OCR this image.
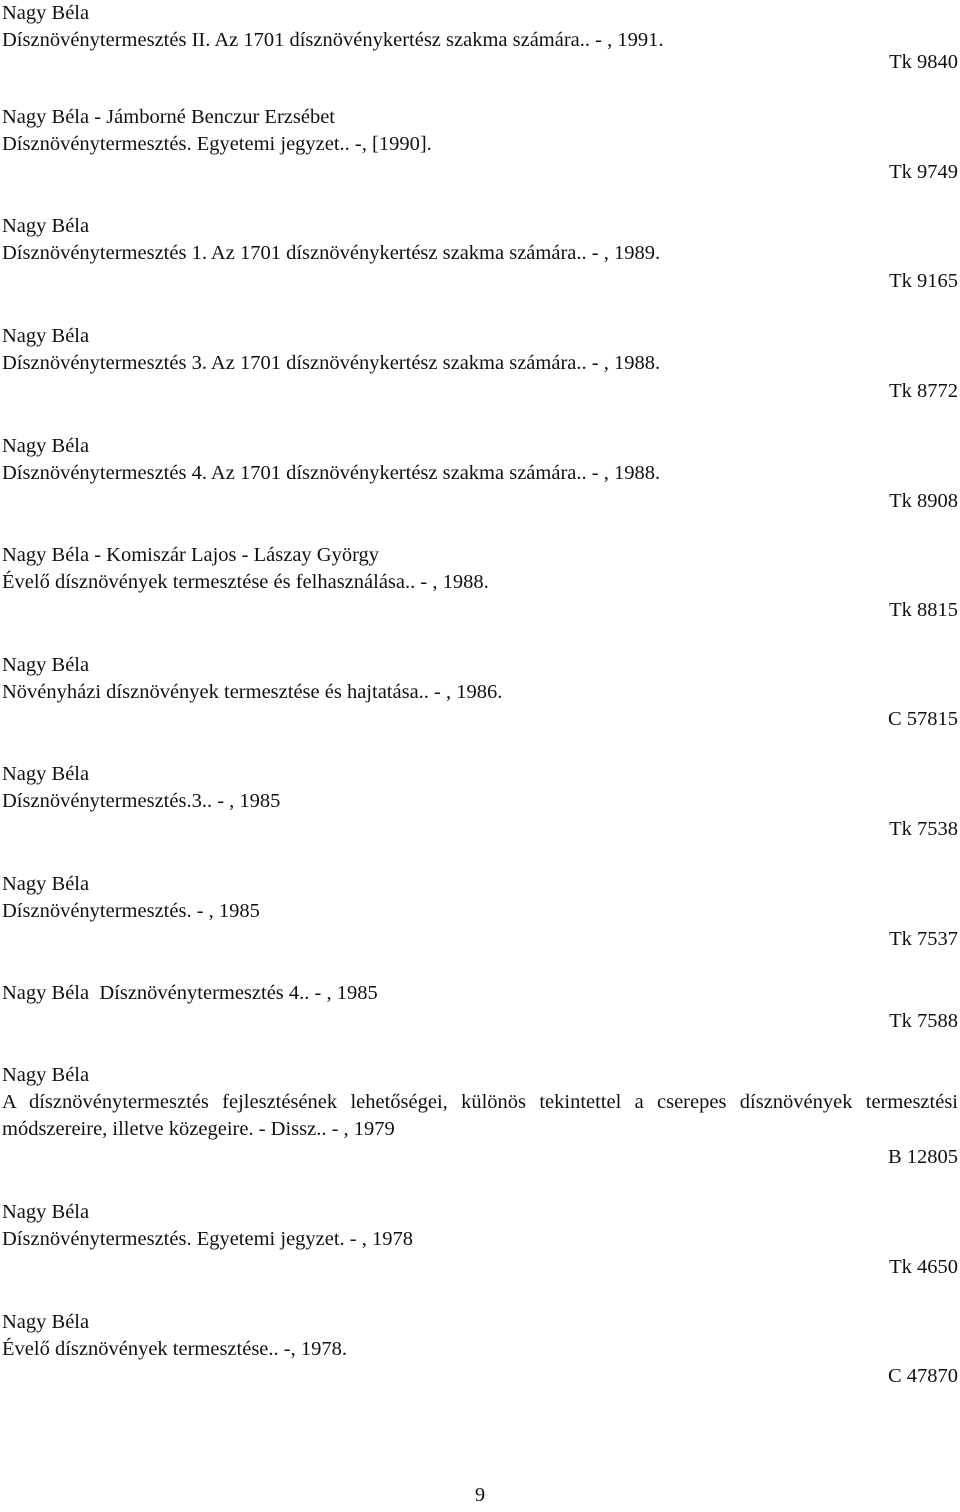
Nagy Béla
Dísznövénytermesztés II. Az 1701 dísznövénykertész szakma számára.. - , 1991.
Tk 9840
Nagy Béla - Jámborné Benczur Erzsébet
Dísznövénytermesztés. Egyetemi jegyzet.. -, [1990].
Tk 9749
Nagy Béla
Dísznövénytermesztés 1. Az 1701 dísznövénykertész szakma számára.. - , 1989.
Tk 9165
Nagy Béla
Dísznövénytermesztés 3. Az 1701 dísznövénykertész szakma számára.. - , 1988.
Tk 8772
Nagy Béla
Dísznövénytermesztés 4. Az 1701 dísznövénykertész szakma számára.. - , 1988.
Tk 8908
Nagy Béla - Komiszár Lajos - Lászay György
Évelő dísznövények termesztése és felhasználása.. - , 1988.
Tk 8815
Nagy Béla
Növényházi dísznövények termesztése és hajtatása.. - , 1986.
C 57815
Nagy Béla
Dísznövénytermesztés.3.. - , 1985
Tk 7538
Nagy Béla
Dísznövénytermesztés. - , 1985
Tk 7537
Nagy Béla  Dísznövénytermesztés 4.. - , 1985
Tk 7588
Nagy Béla
A dísznövénytermesztés fejlesztésének lehetőségei, különös tekintettel a cserepes dísznövények termesztési módszereire, illetve közegeire. - Dissz.. - , 1979
B 12805
Nagy Béla
Dísznövénytermesztés. Egyetemi jegyzet. - , 1978
Tk 4650
Nagy Béla
Évelő dísznövények termesztése.. -, 1978.
C 47870
9
